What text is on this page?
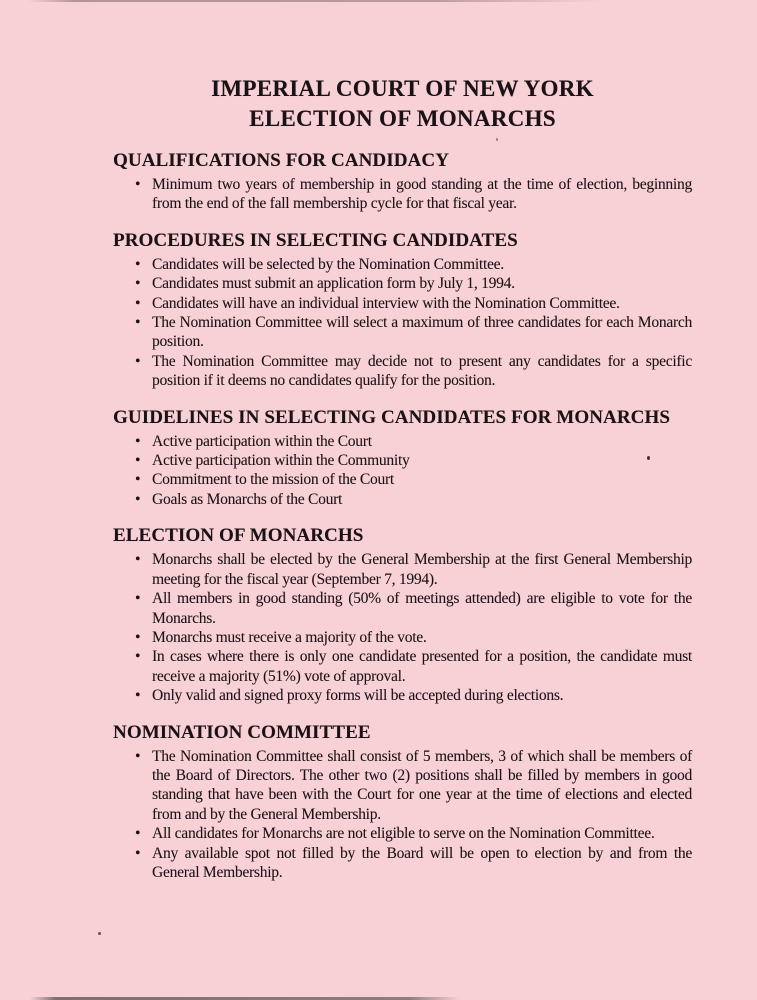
IMPERIAL COURT OF NEW YORK
ELECTION OF MONARCHS
QUALIFICATIONS FOR CANDIDACY
• Minimum two years of membership in good standing at the time of election, beginning from the end of the fall membership cycle for that fiscal year.
PROCEDURES IN SELECTING CANDIDATES
• Candidates will be selected by the Nomination Committee.
• Candidates must submit an application form by July 1, 1994.
• Candidates will have an individual interview with the Nomination Committee.
• The Nomination Committee will select a maximum of three candidates for each Monarch position.
• The Nomination Committee may decide not to present any candidates for a specific position if it deems no candidates qualify for the position.
GUIDELINES IN SELECTING CANDIDATES FOR MONARCHS
• Active participation within the Court
• Active participation within the Community
• Commitment to the mission of the Court
• Goals as Monarchs of the Court
ELECTION OF MONARCHS
• Monarchs shall be elected by the General Membership at the first General Membership meeting for the fiscal year (September 7, 1994).
• All members in good standing (50% of meetings attended) are eligible to vote for the Monarchs.
• Monarchs must receive a majority of the vote.
• In cases where there is only one candidate presented for a position, the candidate must receive a majority (51%) vote of approval.
• Only valid and signed proxy forms will be accepted during elections.
NOMINATION COMMITTEE
• The Nomination Committee shall consist of 5 members, 3 of which shall be members of the Board of Directors. The other two (2) positions shall be filled by members in good standing that have been with the Court for one year at the time of elections and elected from and by the General Membership.
• All candidates for Monarchs are not eligible to serve on the Nomination Committee.
• Any available spot not filled by the Board will be open to election by and from the General Membership.
